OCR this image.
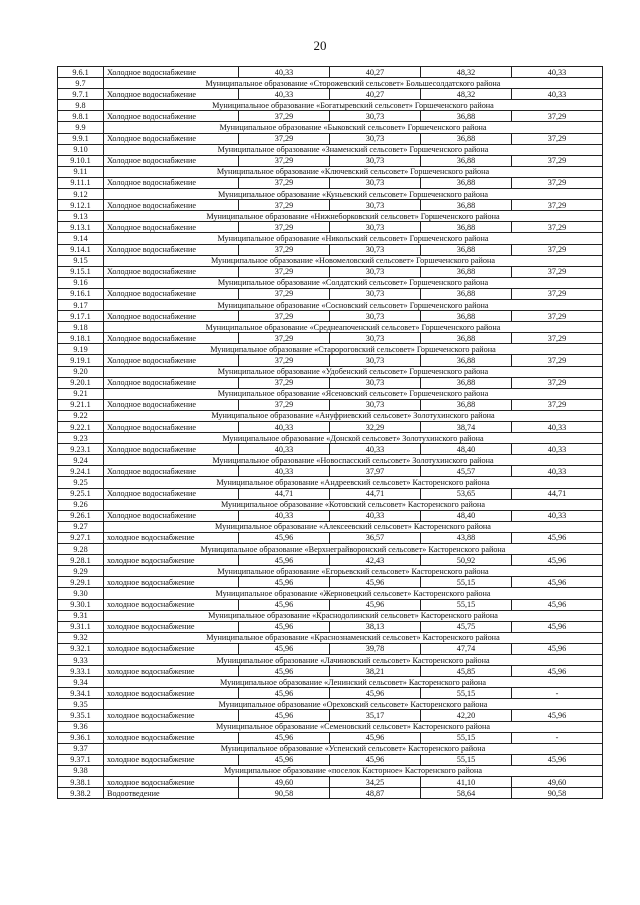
20
9.6.1	Холодное водоснабжение	40,33	40,27	48,32	40,33
9.7	Муниципальное образование «Сторожевский сельсовет» Большесолдатского района				
9.7.1	Холодное водоснабжение	40,33	40,27	48,32	40,33
9.8	Муниципальное образование «Богатыревский сельсовет» Горшеченского района				
9.8.1	Холодное водоснабжение	37,29	30,73	36,88	37,29
9.9	Муниципальное образование «Быковский сельсовет» Горшеченского района				
9.9.1	Холодное водоснабжение	37,29	30,73	36,88	37,29
9.10	Муниципальное образование «Знаменский сельсовет» Горшеченского района				
9.10.1	Холодное водоснабжение	37,29	30,73	36,88	37,29
9.11	Муниципальное образование «Ключевский сельсовет» Горшеченского района				
9.11.1	Холодное водоснабжение	37,29	30,73	36,88	37,29
9.12	Муниципальное образование «Куньевский сельсовет» Горшеченского района				
9.12.1	Холодное водоснабжение	37,29	30,73	36,88	37,29
9.13	Муниципальное образование «Нижнеборковский сельсовет» Горшеченского района				
9.13.1	Холодное водоснабжение	37,29	30,73	36,88	37,29
9.14	Муниципальное образование «Никольский сельсовет» Горшеченского района				
9.14.1	Холодное водоснабжение	37,29	30,73	36,88	37,29
9.15	Муниципальное образование «Новомеловский сельсовет» Горшеченского района				
9.15.1	Холодное водоснабжение	37,29	30,73	36,88	37,29
9.16	Муниципальное образование «Солдатский сельсовет» Горшеченского района				
9.16.1	Холодное водоснабжение	37,29	30,73	36,88	37,29
9.17	Муниципальное образование «Сосновский сельсовет» Горшеченского района				
9.17.1	Холодное водоснабжение	37,29	30,73	36,88	37,29
9.18	Муниципальное образование «Среднеапоченский сельсовет» Горшеченского района				
9.18.1	Холодное водоснабжение	37,29	30,73	36,88	37,29
9.19	Муниципальное образование «Старороговский сельсовет» Горшеченского района				
9.19.1	Холодное водоснабжение	37,29	30,73	36,88	37,29
9.20	Муниципальное образование «Удобенский сельсовет» Горшеченского района				
9.20.1	Холодное водоснабжение	37,29	30,73	36,88	37,29
9.21	Муниципальное образование «Ясеновский сельсовет» Горшеченского района				
9.21.1	Холодное водоснабжение	37,29	30,73	36,88	37,29
9.22	Муниципальное образование «Ануфриевский сельсовет» Золотухинского района				
9.22.1	Холодное водоснабжение	40,33	32,29	38,74	40,33
9.23	Муниципальное образование «Донской сельсовет» Золотухинского района				
9.23.1	Холодное водоснабжение	40,33	40,33	48,40	40,33
9.24	Муниципальное образование «Новоспасский сельсовет» Золотухинского района				
9.24.1	Холодное водоснабжение	40,33	37,97	45,57	40,33
9.25	Муниципальное образование «Андреевский сельсовет» Касторенского района				
9.25.1	Холодное водоснабжение	44,71	44,71	53,65	44,71
9.26	Муниципальное образование «Котовский сельсовет» Касторенского района				
9.26.1	Холодное водоснабжение	40,33	40,33	48,40	40,33
9.27	Муниципальное образование «Алексеевский сельсовет» Касторенского района				
9.27.1	холодное водоснабжение	45,96	36,57	43,88	45,96
9.28	Муниципальное образование «Верхнеграйворонский сельсовет» Касторенского района				
9.28.1	холодное водоснабжение	45,96	42,43	50,92	45,96
9.29	Муниципальное образование «Егорьевский сельсовет» Касторенского района				
9.29.1	холодное водоснабжение	45,96	45,96	55,15	45,96
9.30	Муниципальное образование «Жерновецкий сельсовет» Касторенского района				
9.30.1	холодное водоснабжение	45,96	45,96	55,15	45,96
9.31	Муниципальное образование «Краснодолинский сельсовет» Касторенского района				
9.31.1	холодное водоснабжение	45,96	38,13	45,75	45,96
9.32	Муниципальное образование «Краснознаменский сельсовет» Касторенского района				
9.32.1	холодное водоснабжение	45,96	39,78	47,74	45,96
9.33	Муниципальное образование «Лачиновский сельсовет» Касторенского района				
9.33.1	холодное водоснабжение	45,96	38,21	45,85	45,96
9.34	Муниципальное образование «Ленинский сельсовет» Касторенского района				
9.34.1	холодное водоснабжение	45,96	45,96	55,15	-
9.35	Муниципальное образование «Ореховский сельсовет» Касторенского района				
9.35.1	холодное водоснабжение	45,96	35,17	42,20	45,96
9.36	Муниципальное образование «Семеновский сельсовет» Касторенского района				
9.36.1	холодное водоснабжение	45,96	45,96	55,15	-
9.37	Муниципальное образование «Успенский сельсовет» Касторенского района				
9.37.1	холодное водоснабжение	45,96	45,96	55,15	45,96
9.38	Муниципальное образование «поселок Касторное» Касторенского района				
9.38.1	холодное водоснабжение	49,60	34,25	41,10	49,60
9.38.2	Водоотведение	90,58	48,87	58,64	90,58
